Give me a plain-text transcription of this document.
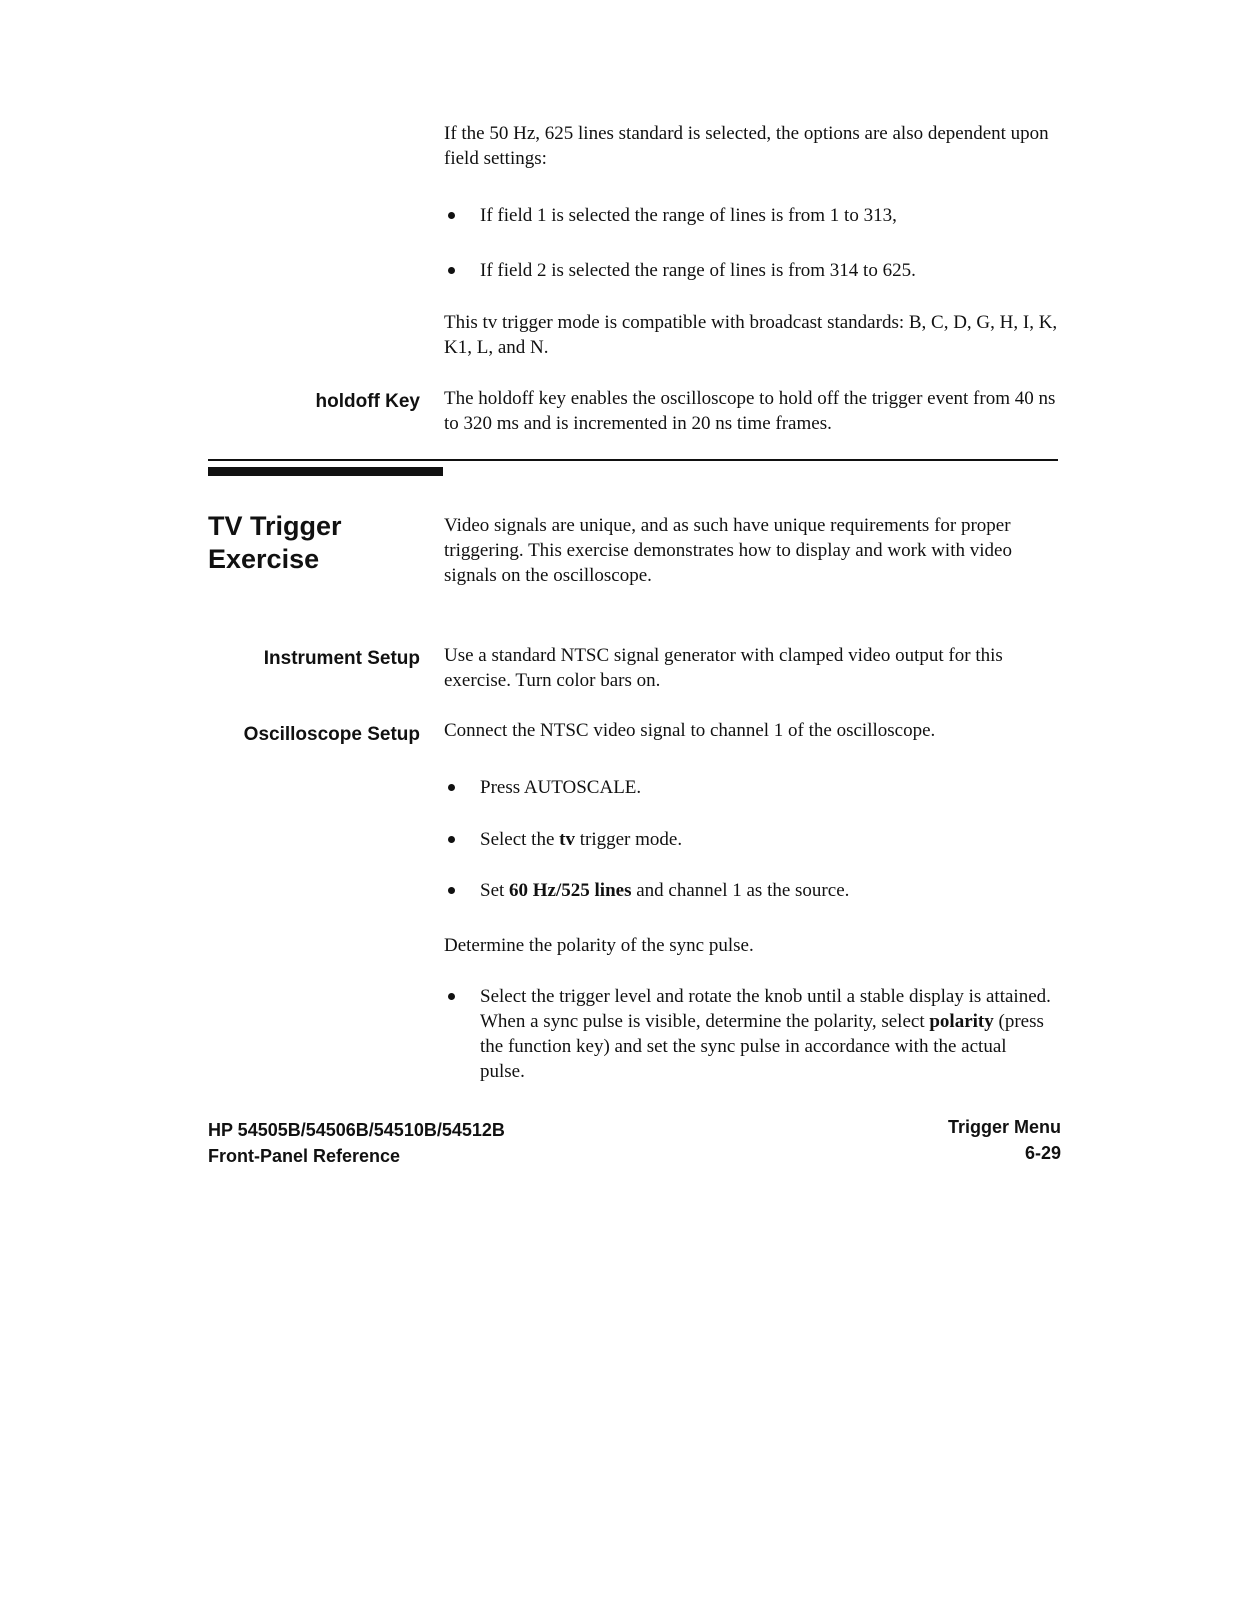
If the 50 Hz, 625 lines standard is selected, the options are also dependent upon field settings:
If field 1 is selected the range of lines is from 1 to 313,
If field 2 is selected the range of lines is from 314 to 625.
This tv trigger mode is compatible with broadcast standards: B, C, D, G, H, I, K, K1, L, and N.
holdoff Key The holdoff key enables the oscilloscope to hold off the trigger event from 40 ns to 320 ms and is incremented in 20 ns time frames.
TV Trigger
Exercise
Video signals are unique, and as such have unique requirements for proper triggering. This exercise demonstrates how to display and work with video signals on the oscilloscope.
Instrument Setup Use a standard NTSC signal generator with clamped video output for this exercise. Turn color bars on.
Oscilloscope Setup Connect the NTSC video signal to channel 1 of the oscilloscope.
Press AUTOSCALE.
Select the tv trigger mode.
Set 60 Hz/525 lines and channel 1 as the source.
Determine the polarity of the sync pulse.
Select the trigger level and rotate the knob until a stable display is attained. When a sync pulse is visible, determine the polarity, select polarity (press the function key) and set the sync pulse in accordance with the actual pulse.
HP 54505B/54506B/54510B/54512B
Front-Panel Reference
Trigger Menu
6-29
